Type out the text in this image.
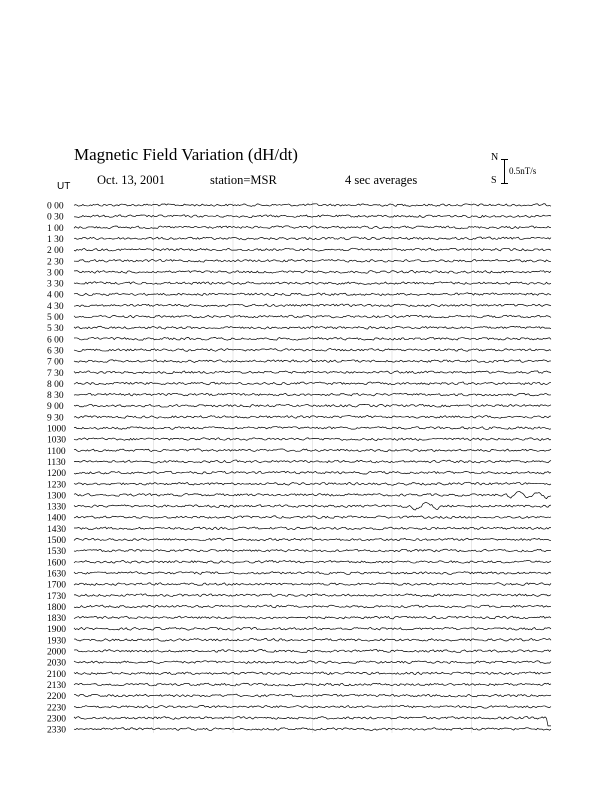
Magnetic Field Variation (dH/dt)
Oct. 13, 2001	station=MSR	4 sec averages
UT
N
S
0.5nT/s
0 00
0 30
1 00
1 30
2 00
2 30
3 00
3 30
4 00
4 30
5 00
5 30
6 00
6 30
7 00
7 30
8 00
8 30
9 00
9 30
1000
1030
1100
1130
1200
1230
1300
1330
1400
1430
1500
1530
1600
1630
1700
1730
1800
1830
1900
1930
2000
2030
2100
2130
2200
2230
2300
2330
